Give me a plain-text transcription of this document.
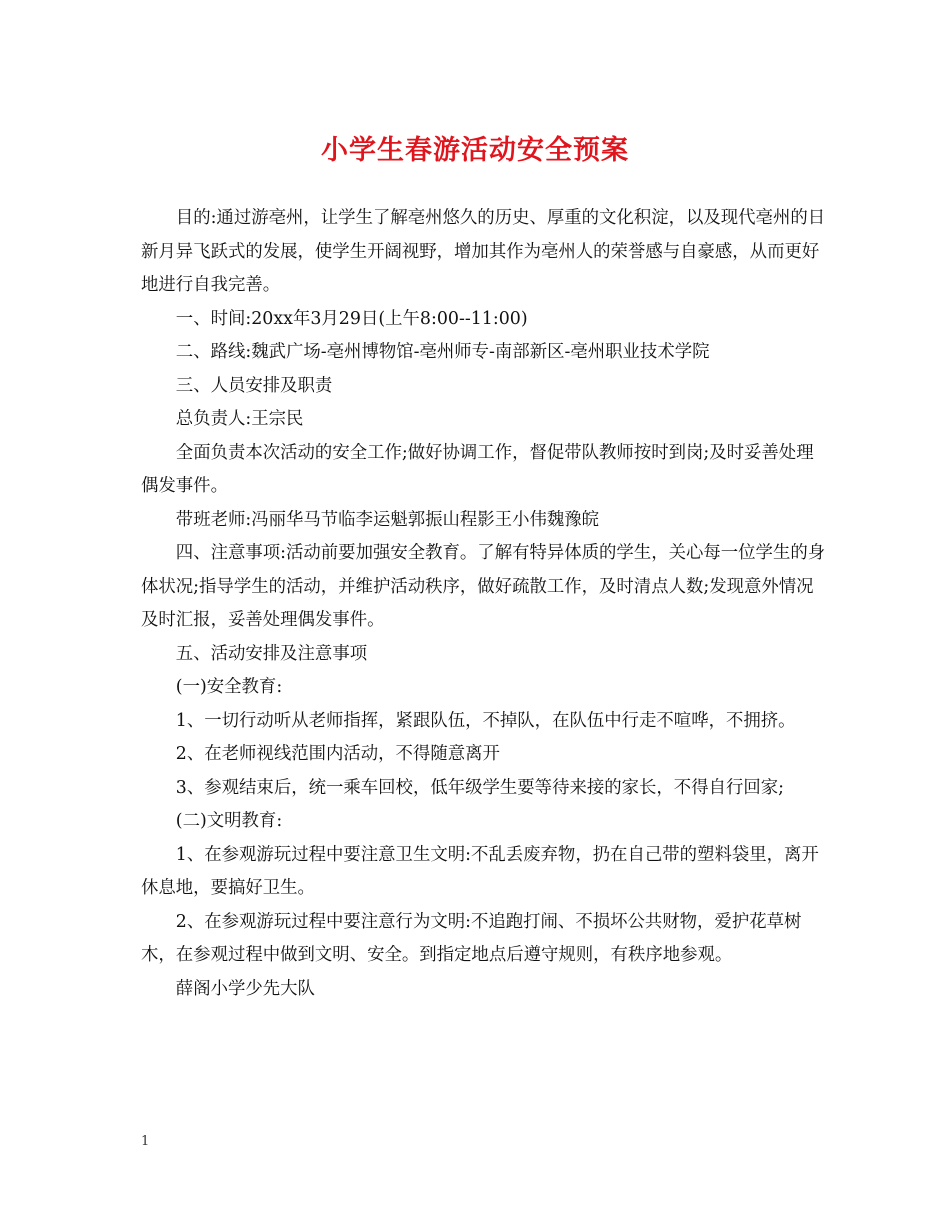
小学生春游活动安全预案

目的:通过游亳州，让学生了解亳州悠久的历史、厚重的文化积淀，以及现代亳州的日新月异飞跃式的发展，使学生开阔视野，增加其作为亳州人的荣誉感与自豪感，从而更好地进行自我完善。

一、时间:20xx年3月29日(上午8:00--11:00)

二、路线:魏武广场-亳州博物馆-亳州师专-南部新区-亳州职业技术学院

三、人员安排及职责

总负责人:王宗民

全面负责本次活动的安全工作;做好协调工作，督促带队教师按时到岗;及时妥善处理偶发事件。

带班老师:冯丽华马节临李运魁郭振山程影王小伟魏豫皖

四、注意事项:活动前要加强安全教育。了解有特异体质的学生，关心每一位学生的身体状况;指导学生的活动，并维护活动秩序，做好疏散工作，及时清点人数;发现意外情况及时汇报，妥善处理偶发事件。

五、活动安排及注意事项

(一)安全教育:

1、一切行动听从老师指挥，紧跟队伍，不掉队，在队伍中行走不喧哗，不拥挤。

2、在老师视线范围内活动，不得随意离开

3、参观结束后，统一乘车回校，低年级学生要等待来接的家长，不得自行回家;

(二)文明教育:

1、在参观游玩过程中要注意卫生文明:不乱丢废弃物，扔在自己带的塑料袋里，离开休息地，要搞好卫生。

2、在参观游玩过程中要注意行为文明:不追跑打闹、不损坏公共财物，爱护花草树木，在参观过程中做到文明、安全。到指定地点后遵守规则，有秩序地参观。

薛阁小学少先大队

1
